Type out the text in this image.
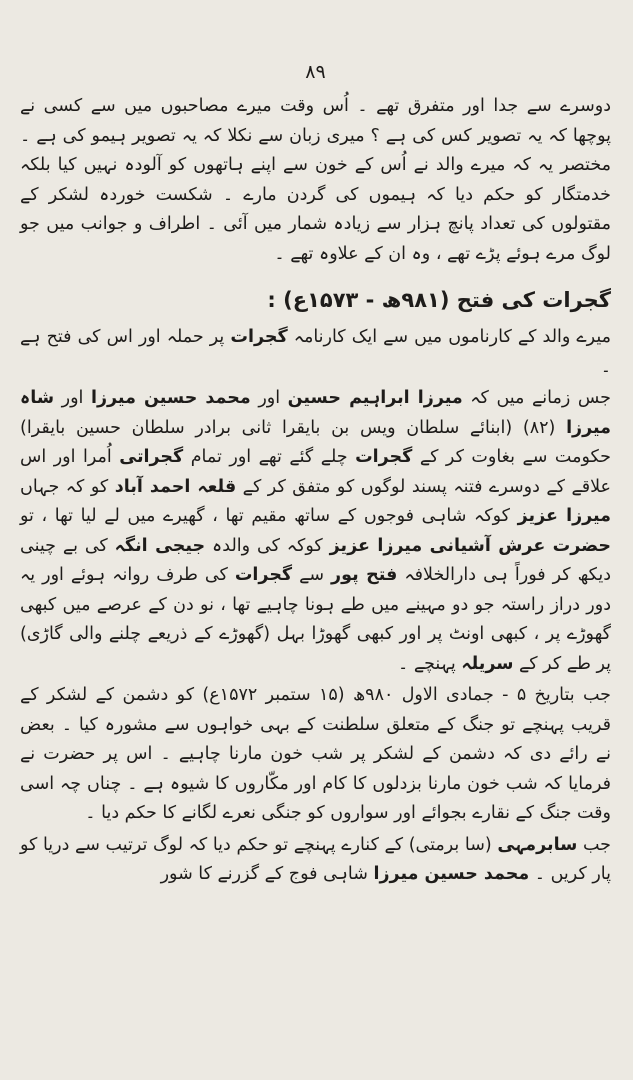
۸۹

دوسرے سے جدا اور متفرق تھے ۔ اُس وقت میرے مصاحبوں میں سے کسی نے پوچھا کہ یہ تصویر کس کی ہے ؟ میری زبان سے نکلا کہ یہ تصویر ہیمو کی ہے ۔ مختصر یہ کہ میرے والد نے اُس کے خون سے اپنے ہاتھوں کو آلودہ نہیں کیا بلکہ خدمتگار کو حکم دیا کہ ہیموں کی گردن مارے ۔ شکست خوردہ لشکر کے مقتولوں کی تعداد پانچ ہزار سے زیادہ شمار میں آئی ۔ اطراف و جوانب میں جو لوگ مرے ہوئے پڑے تھے ، وہ ان کے علاوہ تھے ۔

گجرات کی فتح (۹۸۱ھ - ۱۵۷۳ع) :

میرے والد کے کارناموں میں سے ایک کارنامہ گجرات پر حملہ اور اس کی فتح ہے ۔

جس زمانے میں کہ میرزا ابراہیم حسین اور محمد حسین میرزا اور شاہ میرزا (۸۲) (ابنائے سلطان ویس بن بایقرا ثانی برادر سلطان حسین بایقرا) حکومت سے بغاوت کر کے گجرات چلے گئے تھے اور تمام گجراتی اُمرا اور اس علاقے کے دوسرے فتنہ پسند لوگوں کو متفق کر کے قلعہ احمد آباد کو کہ جہاں میرزا عزیز کوکہ شاہی فوجوں کے ساتھ مقیم تھا ، گھیرے میں لے لیا تھا ، تو حضرت عرش آشیانی میرزا عزیز کوکہ کی والدہ جیجی انگہ کی بے چینی دیکھ کر فوراً ہی دارالخلافہ فتح پور سے گجرات کی طرف روانہ ہوئے اور یہ دور دراز راستہ جو دو مہینے میں طے ہونا چاہیے تھا ، نو دن کے عرصے میں کبھی گھوڑے پر ، کبھی اونٹ پر اور کبھی گھوڑا بہل (گھوڑے کے ذریعے چلنے والی گاڑی) پر طے کر کے سریلہ پہنچے ۔

جب بتاریخ ۵ - جمادی الاول ۹۸۰ھ (۱۵ ستمبر ۱۵۷۲ع) کو دشمن کے لشکر کے قریب پہنچے تو جنگ کے متعلق سلطنت کے بہی خواہوں سے مشورہ کیا ۔ بعض نے رائے دی کہ دشمن کے لشکر پر شب خون مارنا چاہیے ۔ اس پر حضرت نے فرمایا کہ شب خون مارنا بزدلوں کا کام اور مکّاروں کا شیوہ ہے ۔ چناں چہ اسی وقت جنگ کے نقارے بجوائے اور سواروں کو جنگی نعرے لگانے کا حکم دیا ۔

جب سابرمہی (سا برمتی) کے کنارے پہنچے تو حکم دیا کہ لوگ ترتیب سے دریا کو پار کریں ۔ محمد حسین میرزا شاہی فوج کے گزرنے کا شور
